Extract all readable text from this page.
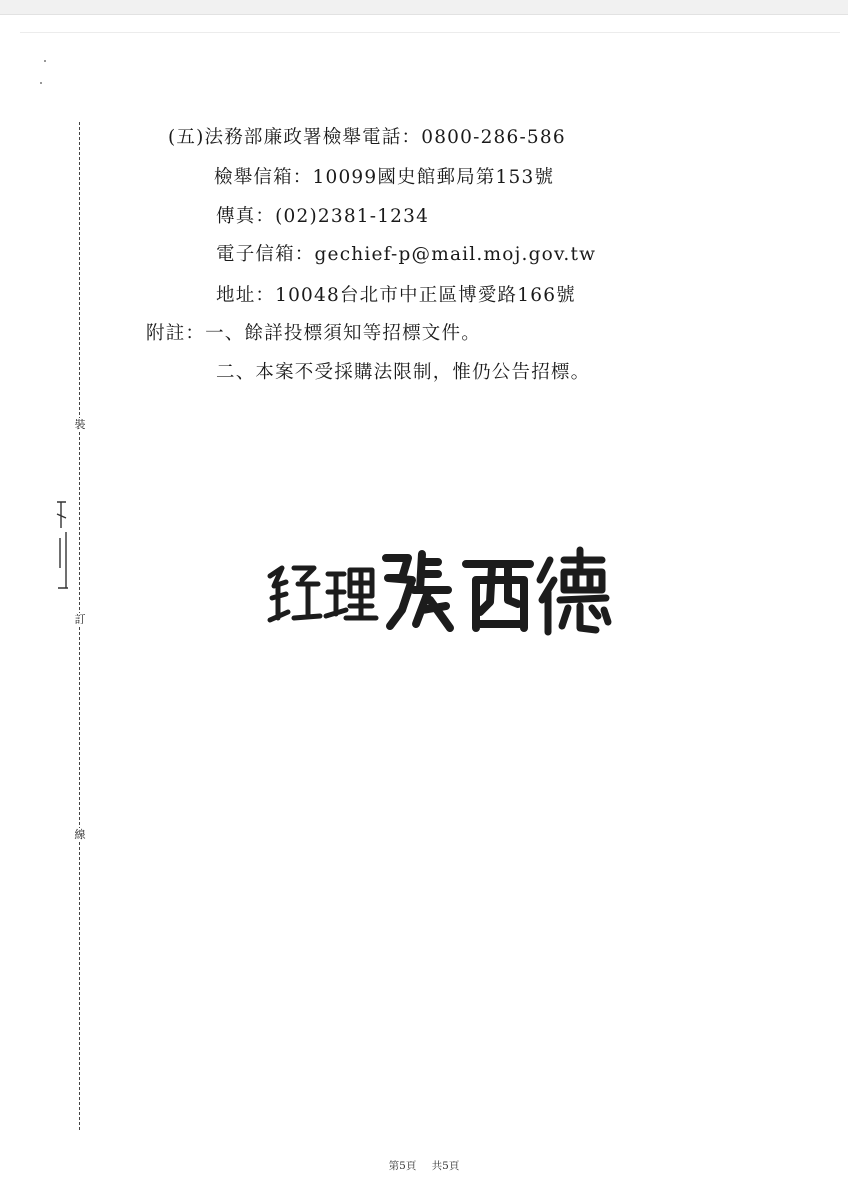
裝
訂
線
(五)法務部廉政署檢舉電話：0800-286-586
檢舉信箱：10099國史館郵局第153號
傳真：(02)2381-1234
電子信箱：gechief-p@mail.moj.gov.tw
地址：10048台北市中正區博愛路166號
附註：一、餘詳投標須知等招標文件。
二、本案不受採購法限制，惟仍公告招標。
第5頁 共5頁
